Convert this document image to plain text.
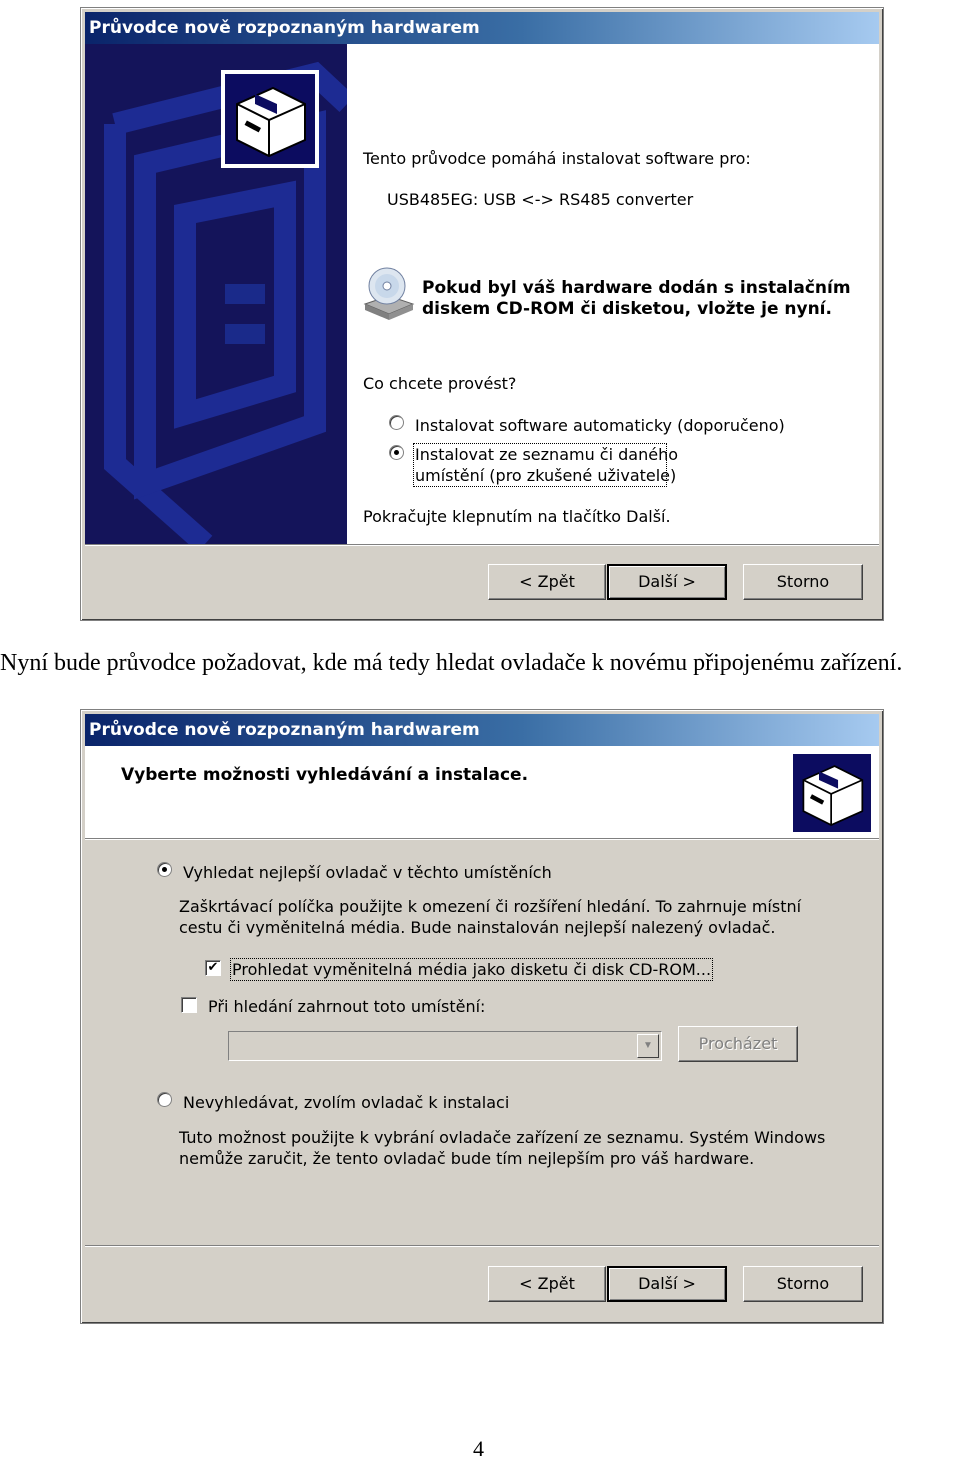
Průvodce nově rozpoznaným hardwarem
Tento průvodce pomáhá instalovat software pro:
USB485EG: USB <-> RS485 converter
Pokud byl váš hardware dodán s instalačním
diskem CD-ROM či disketou, vložte je nyní.
Co chcete provést?
Instalovat software automaticky (doporučeno)
Instalovat ze seznamu či daného
umístění (pro zkušené uživatele)
Pokračujte klepnutím na tlačítko Další.
< Zpět	Další >	Storno
Nyní bude průvodce požadovat, kde má tedy hledat ovladače k novému připojenému zařízení.
Průvodce nově rozpoznaným hardwarem
Vyberte možnosti vyhledávání a instalace.
Vyhledat nejlepší ovladač v těchto umístěních
Zaškrtávací políčka použijte k omezení či rozšíření hledání. To zahrnuje místní
cestu či vyměnitelná média. Bude nainstalován nejlepší nalezený ovladač.
✔ Prohledat vyměnitelná média jako disketu či disk CD-ROM...
Při hledání zahrnout toto umístění:
▼	Procházet
Nevyhledávat, zvolím ovladač k instalaci
Tuto možnost použijte k vybrání ovladače zařízení ze seznamu. Systém Windows
nemůže zaručit, že tento ovladač bude tím nejlepším pro váš hardware.
< Zpět	Další >	Storno
4
